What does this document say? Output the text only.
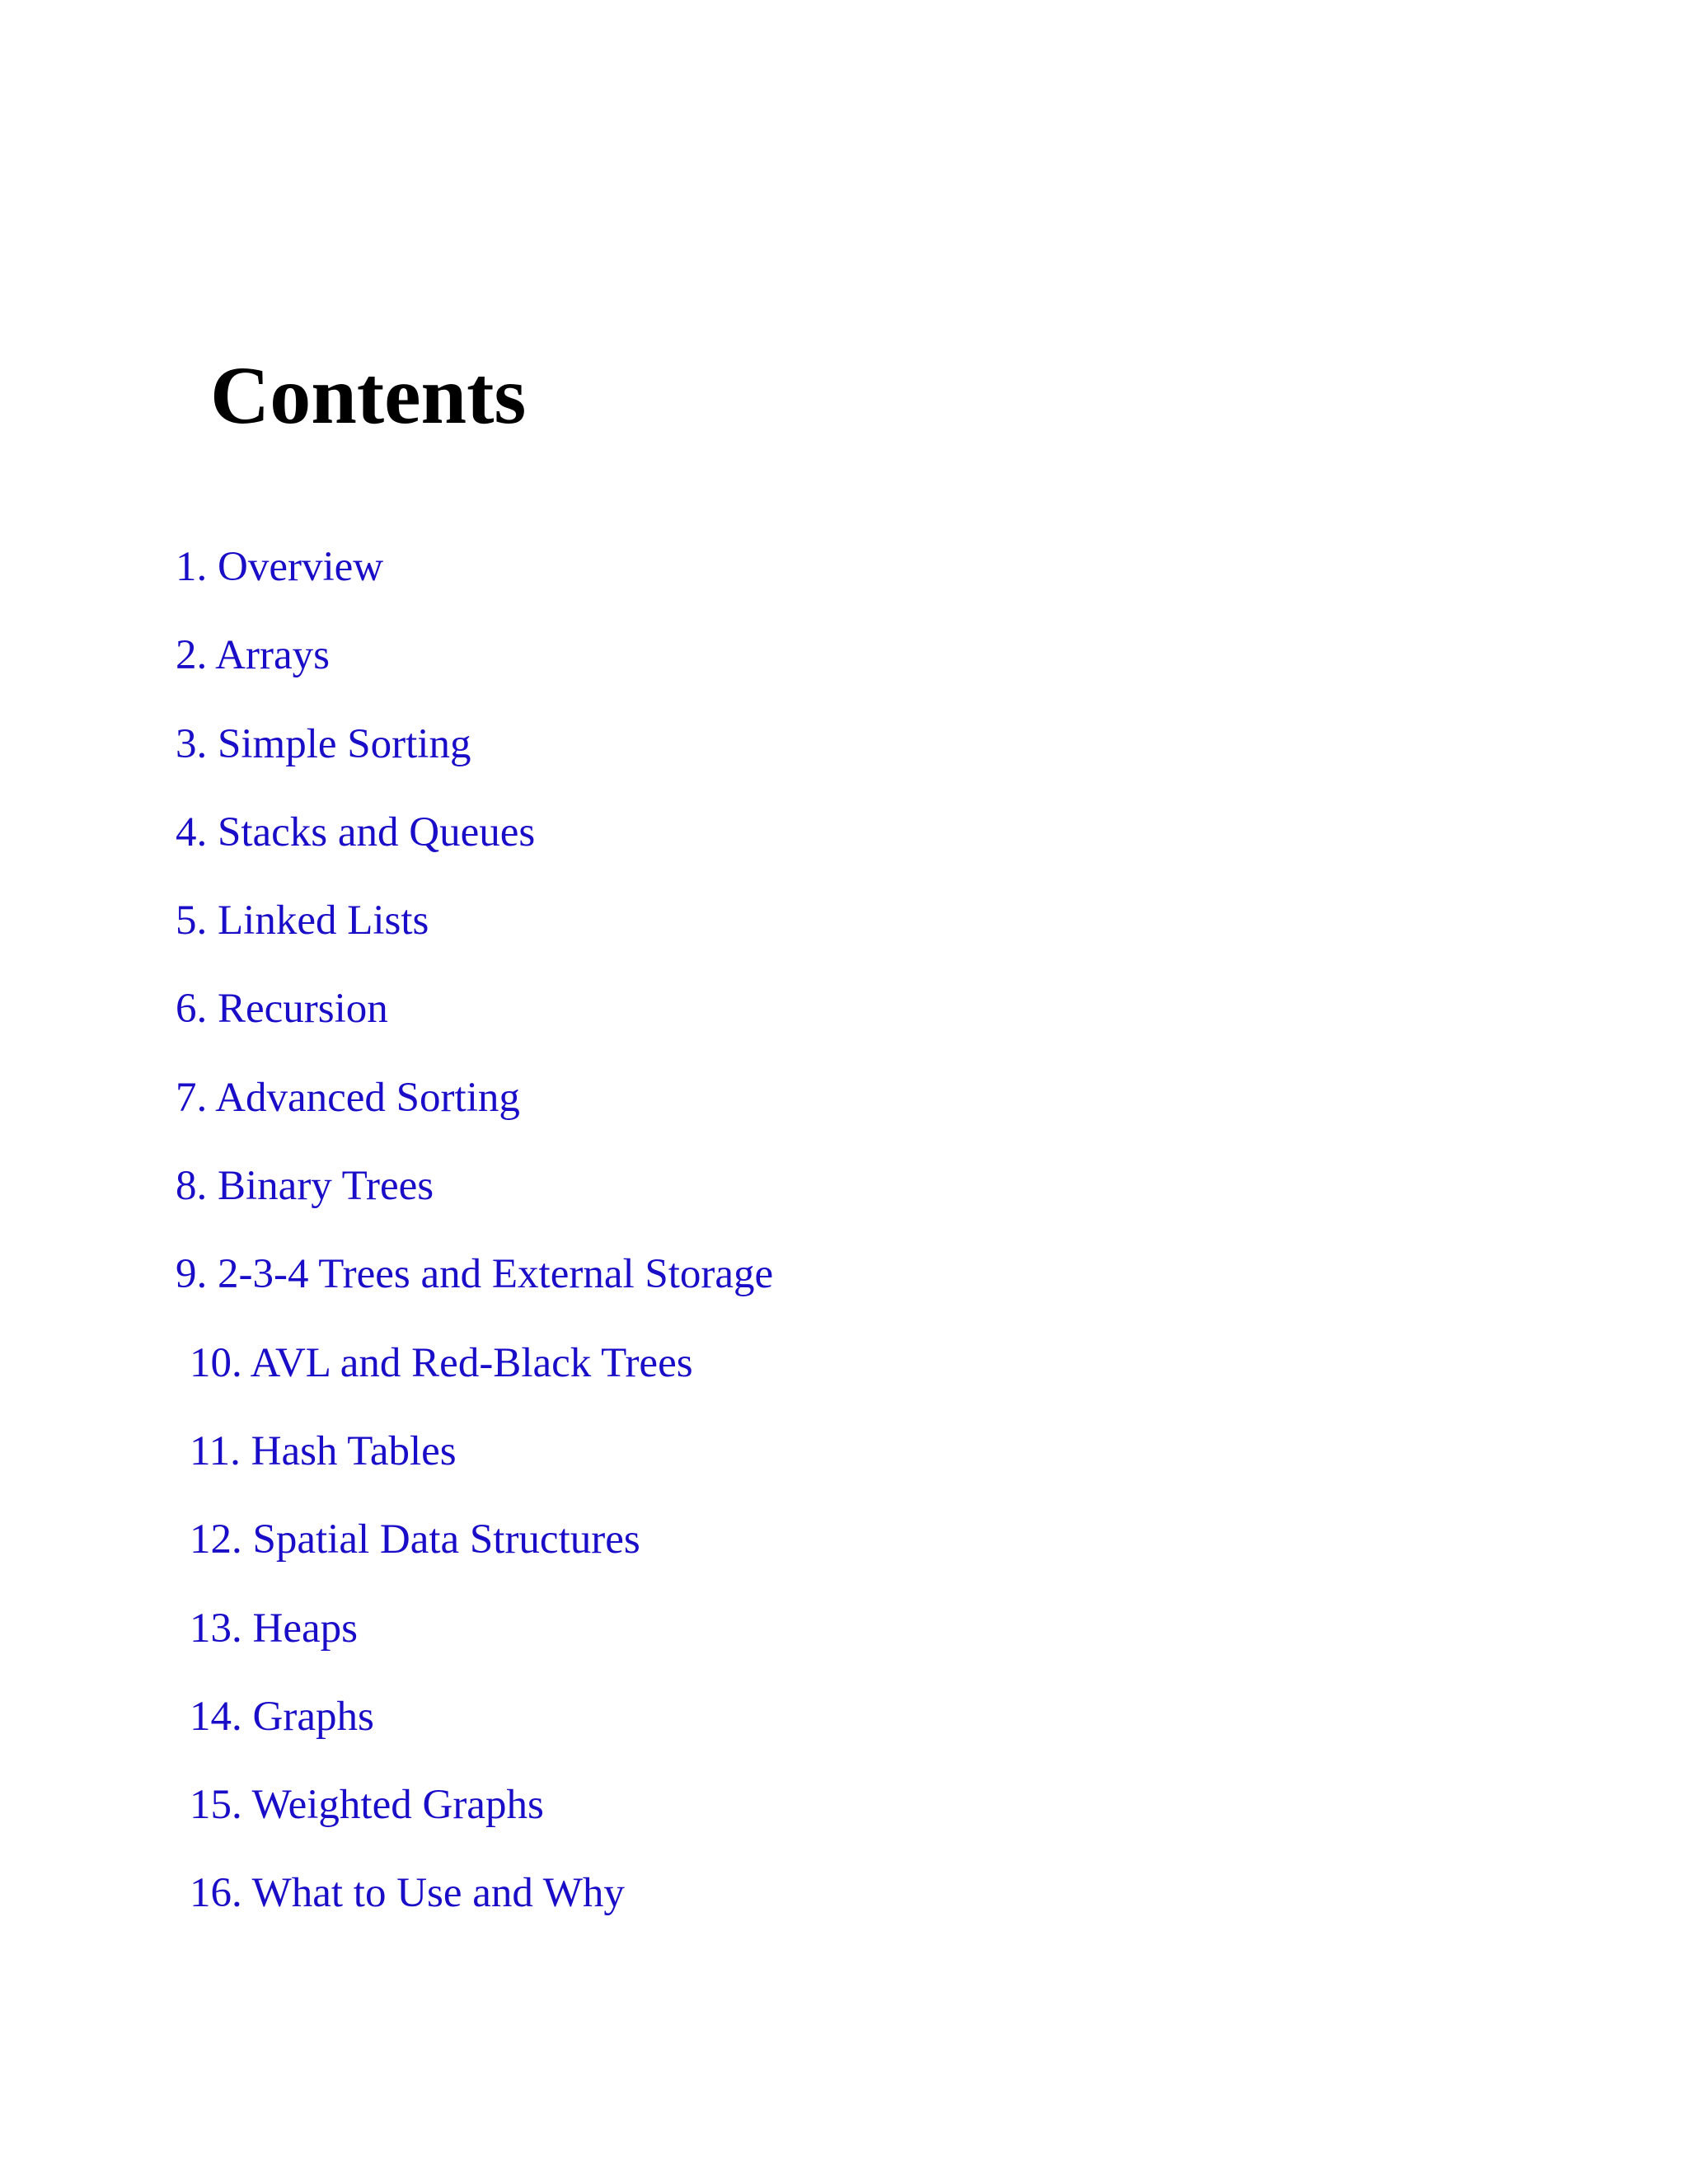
Contents
1. Overview
2. Arrays
3. Simple Sorting
4. Stacks and Queues
5. Linked Lists
6. Recursion
7. Advanced Sorting
8. Binary Trees
9. 2-3-4 Trees and External Storage
10. AVL and Red-Black Trees
11. Hash Tables
12. Spatial Data Structures
13. Heaps
14. Graphs
15. Weighted Graphs
16. What to Use and Why
